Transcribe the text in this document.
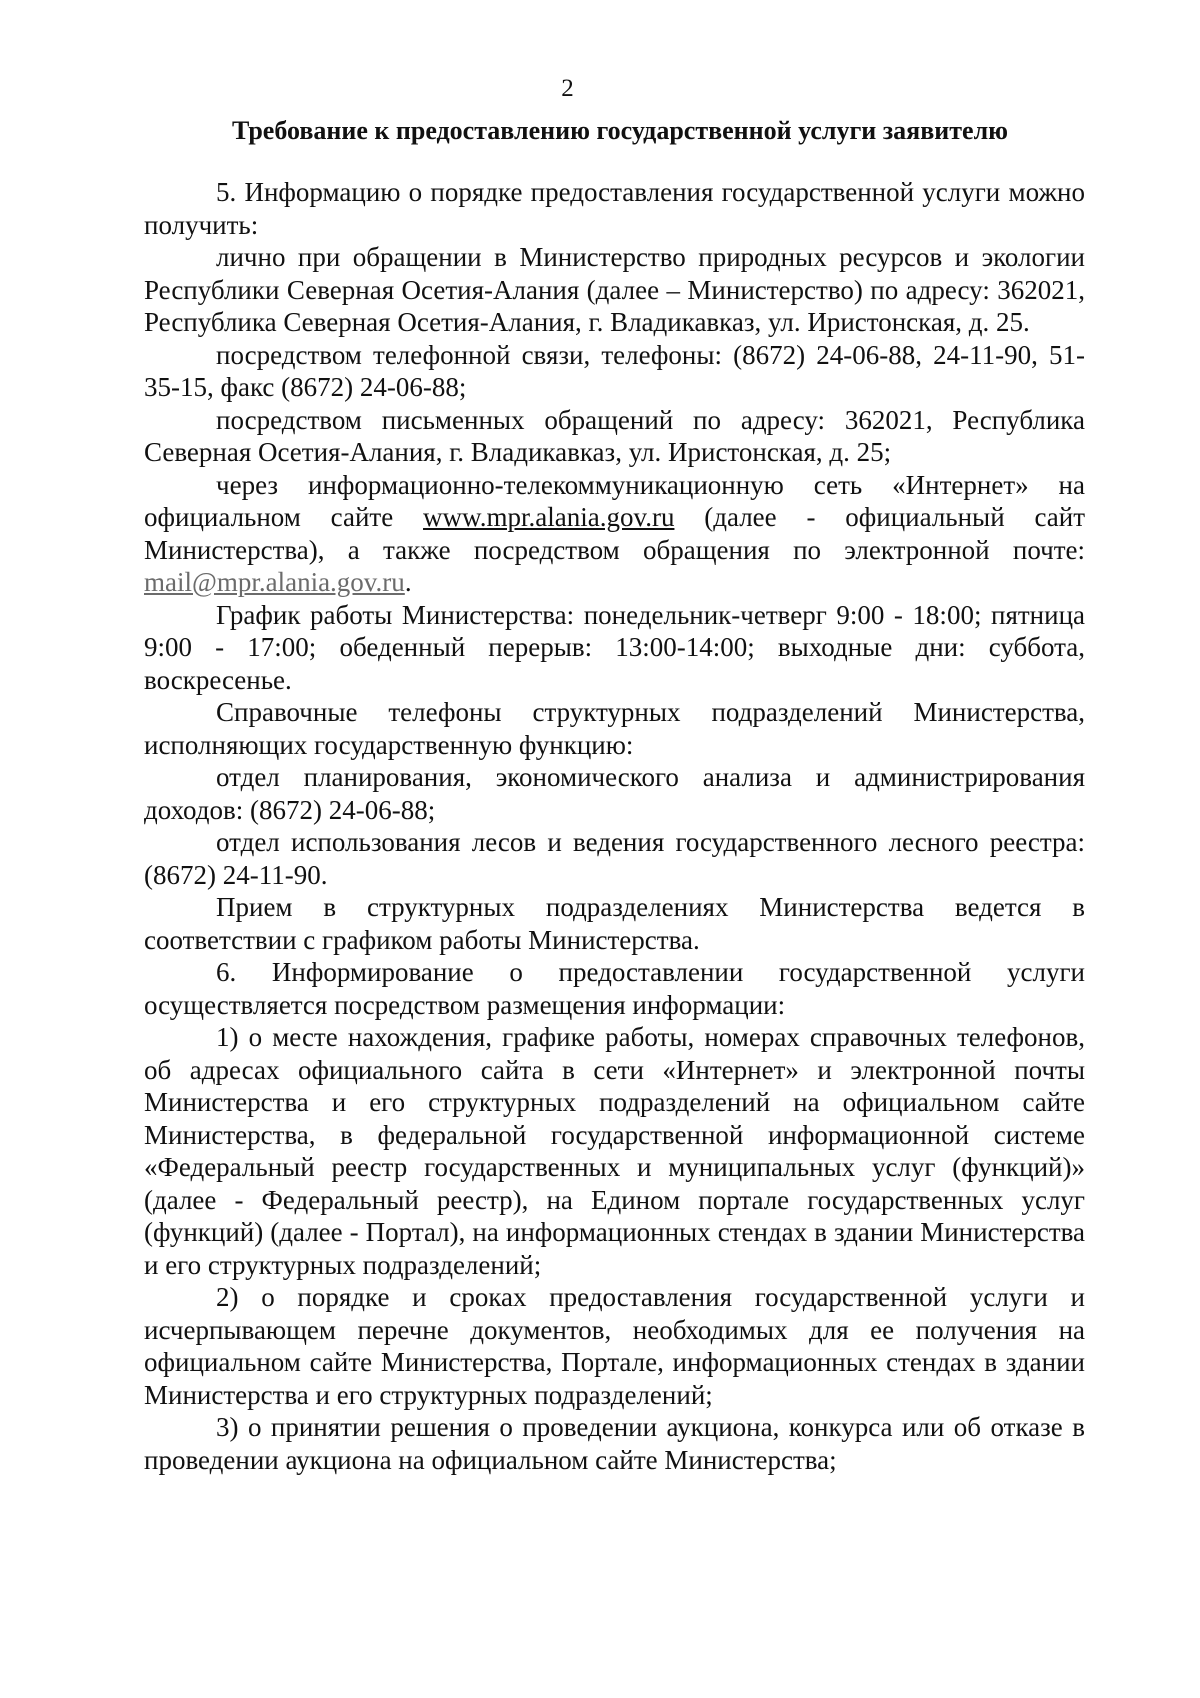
2
Требование к предоставлению государственной услуги заявителю

5. Информацию о порядке предоставления государственной услуги можно получить:

лично при обращении в Министерство природных ресурсов и экологии Республики Северная Осетия-Алания (далее – Министерство) по адресу: 362021, Республика Северная Осетия-Алания, г. Владикавказ, ул. Иристонская, д. 25.

посредством телефонной связи, телефоны: (8672) 24-06-88, 24-11-90, 51-35-15, факс (8672) 24-06-88;

посредством письменных обращений по адресу: 362021, Республика Северная Осетия-Алания, г. Владикавказ, ул. Иристонская, д. 25;

через информационно-телекоммуникационную сеть «Интернет» на официальном сайте www.mpr.alania.gov.ru (далее - официальный сайт Министерства), а также посредством обращения по электронной почте: mail@mpr.alania.gov.ru.

График работы Министерства: понедельник-четверг 9:00 - 18:00; пятница 9:00 - 17:00; обеденный перерыв: 13:00-14:00; выходные дни: суббота, воскресенье.

Справочные телефоны структурных подразделений Министерства, исполняющих государственную функцию:

отдел планирования, экономического анализа и администрирования доходов: (8672) 24-06-88;

отдел использования лесов и ведения государственного лесного реестра: (8672) 24-11-90.

Прием в структурных подразделениях Министерства ведется в соответствии с графиком работы Министерства.

6. Информирование о предоставлении государственной услуги осуществляется посредством размещения информации:

1) о месте нахождения, графике работы, номерах справочных телефонов, об адресах официального сайта в сети «Интернет» и электронной почты Министерства и его структурных подразделений на официальном сайте Министерства, в федеральной государственной информационной системе «Федеральный реестр государственных и муниципальных услуг (функций)» (далее - Федеральный реестр), на Едином портале государственных услуг (функций) (далее - Портал), на информационных стендах в здании Министерства и его структурных подразделений;

2) о порядке и сроках предоставления государственной услуги и исчерпывающем перечне документов, необходимых для ее получения на официальном сайте Министерства, Портале, информационных стендах в здании Министерства и его структурных подразделений;

3) о принятии решения о проведении аукциона, конкурса или об отказе в проведении аукциона на официальном сайте Министерства;
